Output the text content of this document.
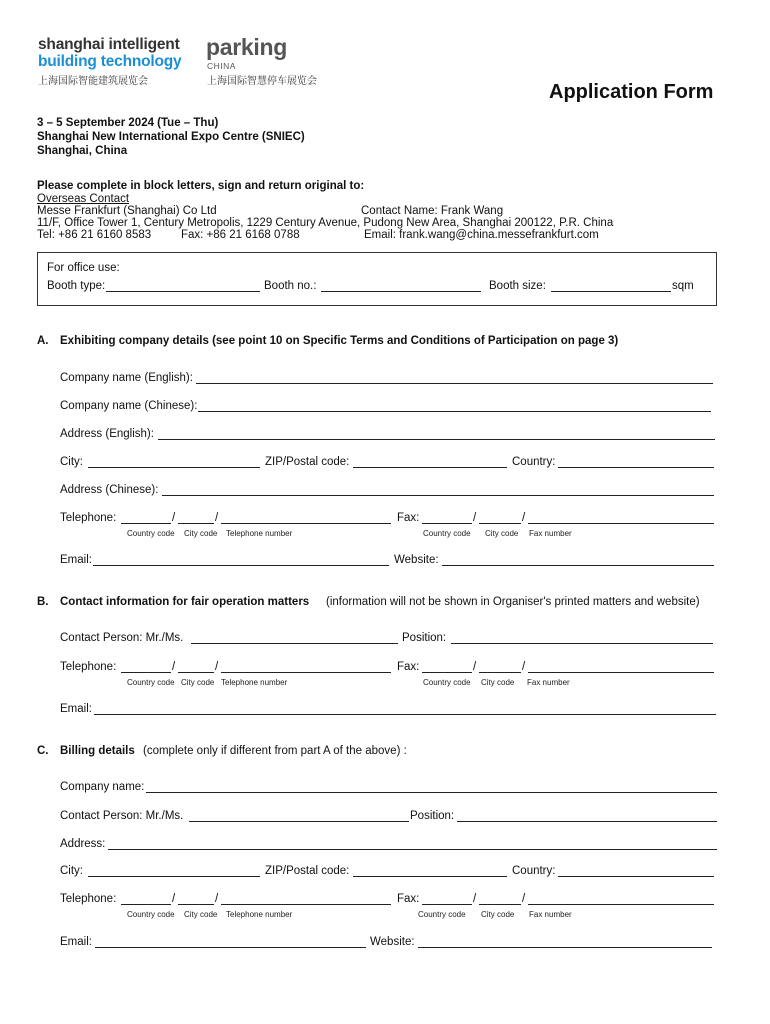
shanghai intelligent
building technology
上海国际智能建筑展览会
parking
CHINA
上海国际智慧停车展览会	Application Form
3 – 5 September 2024 (Tue – Thu)
Shanghai New International Expo Centre (SNIEC)
Shanghai, China
Please complete in block letters, sign and return original to:
Overseas Contact
Messe Frankfurt (Shanghai) Co Ltd	Contact Name: Frank Wang
11/F, Office Tower 1, Century Metropolis, 1229 Century Avenue, Pudong New Area, Shanghai 200122, P.R. China
Tel: +86 21 6160 8583	Fax: +86 21 6168 0788	Email: frank.wang@china.messefrankfurt.com
For office use:
Booth type:	Booth no.:	Booth size:	sqm
A. Exhibiting company details (see point 10 on Specific Terms and Conditions of Participation on page 3)
Company name (English):
Company name (Chinese):
Address (English):
City:	ZIP/Postal code:	Country:
Address (Chinese):
Telephone:	/	/	Fax:	/	/
Country code City code Telephone number	Country code City code Fax number
Email:	Website:
B. Contact information for fair operation matters (information will not be shown in Organiser's printed matters and website)
Contact Person: Mr./Ms.	Position:
Telephone:	/	/	Fax:	/	/
Country code City code Telephone number	Country code City code Fax number
Email:
C. Billing details (complete only if different from part A of the above) :
Company name:
Contact Person: Mr./Ms.	Position:
Address:
City:	ZIP/Postal code:	Country:
Telephone:	/	/	Fax:	/	/
Country code City code Telephone number	Country code City code Fax number
Email:	Website:
